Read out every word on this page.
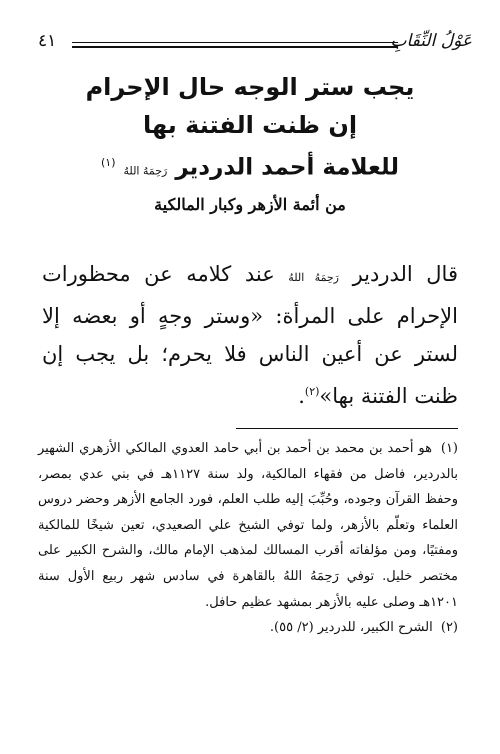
عَوْلُ النِّقَابِ
٤١
يجب ستر الوجه حال الإحرام
إن ظنت الفتنة بها
للعلامة أحمد الدردير رَحِمَهُ اللهُ $^{(١)}$
من أئمة الأزهر وكبار المالكية
قال الدردير رَحِمَهُ اللهُ عند كلامه عن محظورات الإحرام على المرأة: «وستر وجهٍ أو بعضه إلا لستر عن أعين الناس فلا يحرم؛ بل يجب إن ظنت الفتنة بها»$^{(٢)}$.

(١) هو أحمد بن محمد بن أحمد بن أبي حامد العدوي المالكي الأزهري الشهير بالدردير، فاضل من فقهاء المالكية، ولد سنة ١١٢٧هـ في بني عدي بمصر، وحفظ القرآن وجوده، وحُبِّبَ إليه طلب العلم، فورد الجامع الأزهر وحضر دروس العلماء وتعلّم بالأزهر، ولما توفي الشيخ علي الصعيدي، تعين شيخًا للمالكية ومفتيًا، ومن مؤلفاته أقرب المسالك لمذهب الإمام مالك، والشرح الكبير على مختصر خليل. توفي رَحِمَهُ اللهُ بالقاهرة في سادس شهر ربيع الأول سنة ١٢٠١هـ وصلى عليه بالأزهر بمشهد عظيم حافل.

(٢) الشرح الكبير، للدردير (٢/ ٥٥).
